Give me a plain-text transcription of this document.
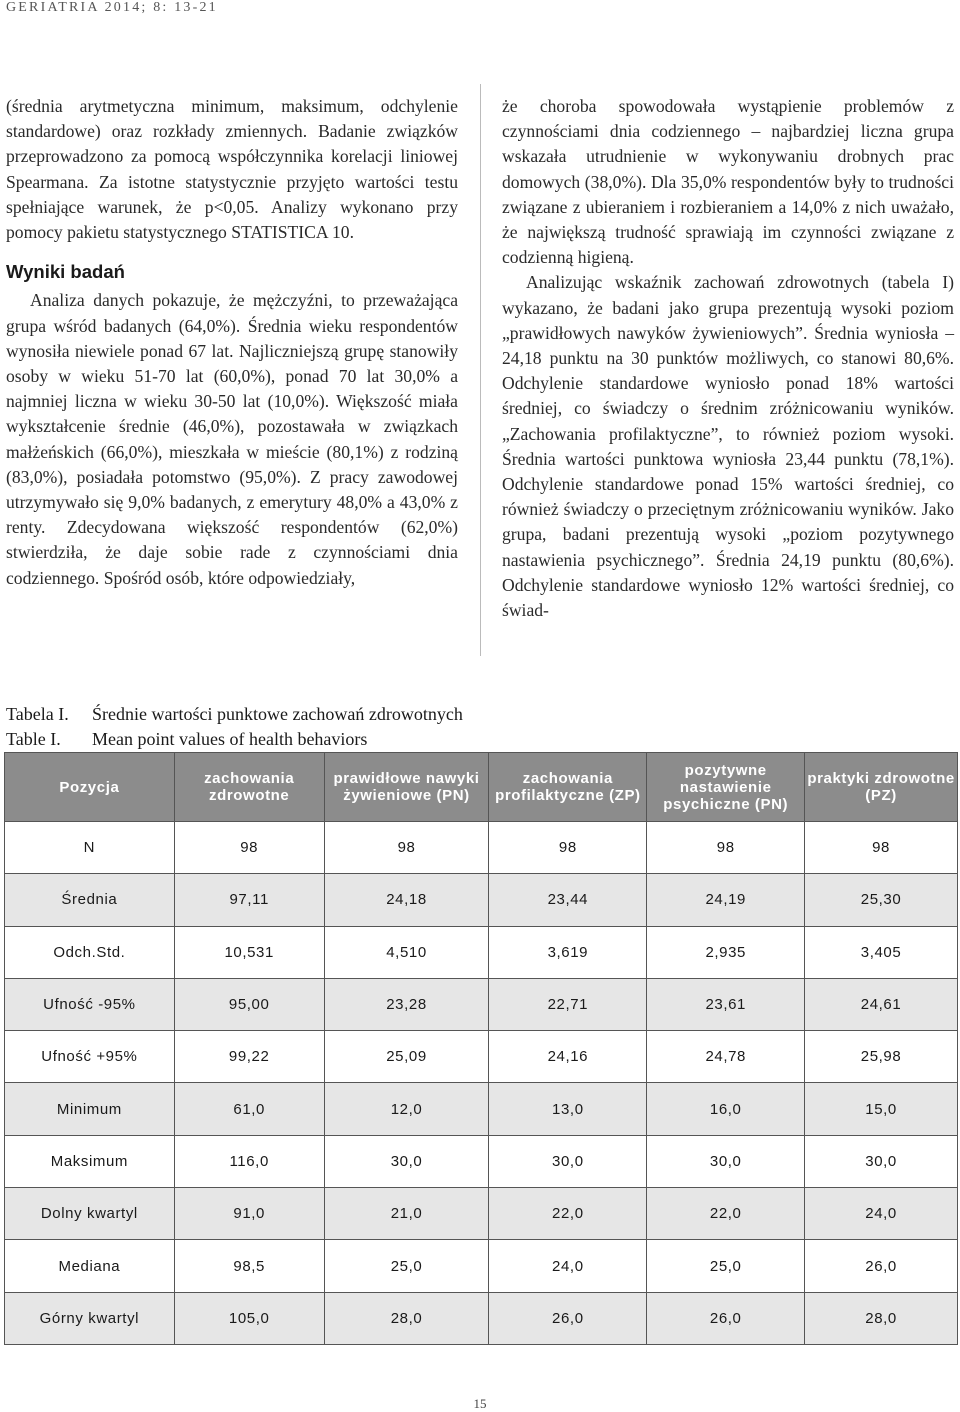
GERIATRIA 2014; 8: 13-21

(średnia arytmetyczna minimum, maksimum, odchylenie standardowe) oraz rozkłady zmiennych. Badanie związków przeprowadzono za pomocą współczynnika korelacji liniowej Spearmana. Za istotne statystycznie przyjęto wartości testu spełniające warunek, że p<0,05. Analizy wykonano przy pomocy pakietu statystycznego STATISTICA 10.

Wyniki badań

Analiza danych pokazuje, że mężczyźni, to przeważająca grupa wśród badanych (64,0%). Średnia wieku respondentów wynosiła niewiele ponad 67 lat. Najliczniejszą grupę stanowiły osoby w wieku 51-70 lat (60,0%), ponad 70 lat 30,0% a najmniej liczna w wieku 30-50 lat (10,0%). Większość miała wykształcenie średnie (46,0%), pozostawała w związkach małżeńskich (66,0%), mieszkała w mieście (80,1%) z rodziną (83,0%), posiadała potomstwo (95,0%). Z pracy zawodowej utrzymywało się 9,0% badanych, z emerytury 48,0% a 43,0% z renty. Zdecydowana większość respondentów (62,0%) stwierdziła, że daje sobie rade z czynnościami dnia codziennego. Spośród osób, które odpowiedziały,

że choroba spowodowała wystąpienie problemów z czynnościami dnia codziennego – najbardziej liczna grupa wskazała utrudnienie w wykonywaniu drobnych prac domowych (38,0%). Dla 35,0% respondentów były to trudności związane z ubieraniem i rozbieraniem a 14,0% z nich uważało, że największą trudność sprawiają im czynności związane z codzienną higieną.

Analizując wskaźnik zachowań zdrowotnych (tabela I) wykazano, że badani jako grupa prezentują wysoki poziom „prawidłowych nawyków żywieniowych”. Średnia wyniosła – 24,18 punktu na 30 punktów możliwych, co stanowi 80,6%. Odchylenie standardowe wyniosło ponad 18% wartości średniej, co świadczy o średnim zróżnicowaniu wyników. „Zachowania profilaktyczne”, to również poziom wysoki. Średnia wartości punktowa wyniosła 23,44 punktu (78,1%). Odchylenie standardowe ponad 15% wartości średniej, co również świadczy o przeciętnym zróżnicowaniu wyników. Jako grupa, badani prezentują wysoki „poziom pozytywnego nastawienia psychicznego”. Średnia 24,19 punktu (80,6%). Odchylenie standardowe wyniosło 12% wartości średniej, co świad-

Tabela I.	Średnie wartości punktowe zachowań zdrowotnych
Table I.	Mean point values of health behaviors
Pozycja	zachowania zdrowotne	prawidłowe nawyki żywieniowe (PN)	zachowania profilaktyczne (ZP)	pozytywne nastawienie psychiczne (PN)	praktyki zdrowotne (PZ)
N	98	98	98	98	98
Średnia	97,11	24,18	23,44	24,19	25,30
Odch.Std.	10,531	4,510	3,619	2,935	3,405
Ufność -95%	95,00	23,28	22,71	23,61	24,61
Ufność +95%	99,22	25,09	24,16	24,78	25,98
Minimum	61,0	12,0	13,0	16,0	15,0
Maksimum	116,0	30,0	30,0	30,0	30,0
Dolny kwartyl	91,0	21,0	22,0	22,0	24,0
Mediana	98,5	25,0	24,0	25,0	26,0
Górny kwartyl	105,0	28,0	26,0	26,0	28,0
15
